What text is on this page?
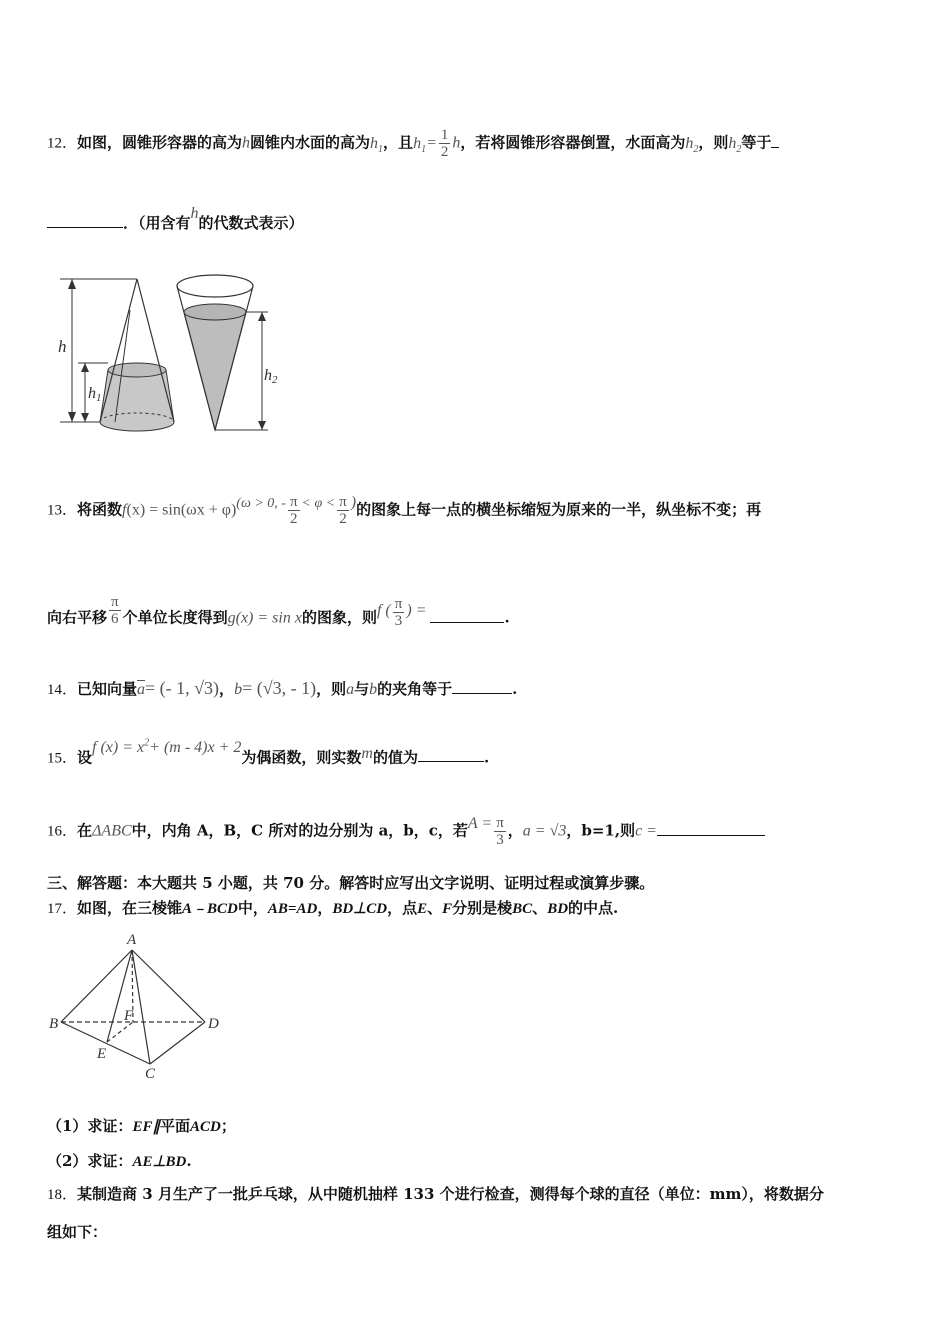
12．如图，圆锥形容器的高为h圆锥内水面的高为$h_1$，且$h_1= \frac{1}{2}$ h，若将圆锥形容器倒置，水面高为$h_2$，则$h_2$等于
．（用含有h的代数式表示）
h
h1
h2
13．将函数f(x) = sin(ωx + φ)(ω > 0, - $\frac{\pi}{2} < \varphi < \frac{\pi}{2}$ )的图象上每一点的横坐标缩短为原来的一半，纵坐标不变；再
向右平移 $\frac{\pi}{6}$ 个单位长度得到g(x) = sin x的图象，则f ( $\frac{\pi}{3}$ ) =	.
14．已知向量$\overline{a}=$ (- 1, √3)，b= (√3, - 1)，则a与b的夹角等于	.
15．设f $(x) = x^2+ (m - 4)x + 2$为偶函数，则实数m的值为	.
16．在ΔABC中，内角 A，B，C 所对的边分别为 a，b，c，若$A = \frac{\pi}{3}$ ，a = √3，b=1,则c =
三、解答题：本大题共 5 小题，共 70 分。解答时应写出文字说明、证明过程或演算步骤。
17．如图，在三棱锥A﹣BCD中，AB=AD，BD⊥CD，点E、F分别是棱BC、BD的中点.
A
B
C
D
E
F
（1）求证：EF∥平面ACD；
（2）求证：AE⊥BD.
18．某制造商 3 月生产了一批乒乓球，从中随机抽样 133 个进行检查，测得每个球的直径（单位：mm），将数据分
组如下：
